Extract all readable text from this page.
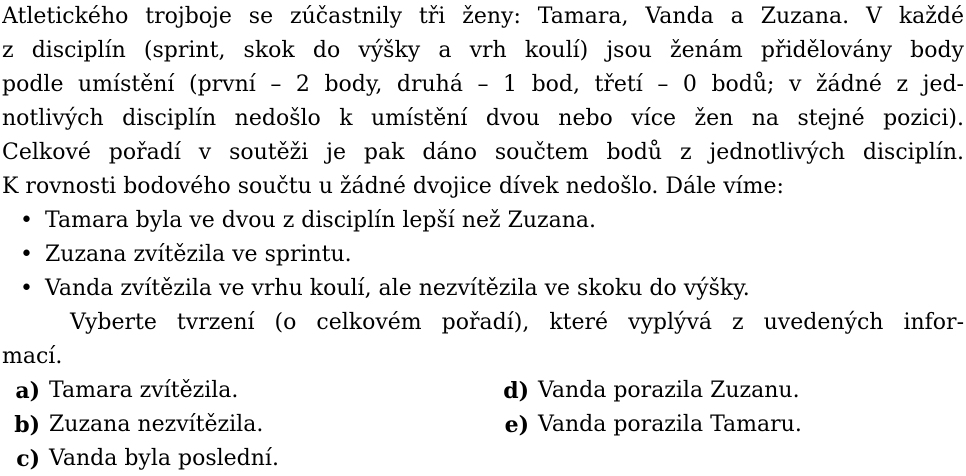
Atletického trojboje se zúčastnily tři ženy: Tamara, Vanda a Zuzana. V každé
z disciplín (sprint, skok do výšky a vrh koulí) jsou ženám přidělovány body
podle umístění (první – 2 body, druhá – 1 bod, třetí – 0 bodů; v žádné z jed-
notlivých disciplín nedošlo k umístění dvou nebo více žen na stejné pozici).
Celkové pořadí v soutěži je pak dáno součtem bodů z jednotlivých disciplín.
K rovnosti bodového součtu u žádné dvojice dívek nedošlo. Dále víme:
• Tamara byla ve dvou z disciplín lepší než Zuzana.
• Zuzana zvítězila ve sprintu.
• Vanda zvítězila ve vrhu koulí, ale nezvítězila ve skoku do výšky.
Vyberte tvrzení (o celkovém pořadí), které vyplývá z uvedených infor-
mací.
a) Tamara zvítězila.	d) Vanda porazila Zuzanu.
b) Zuzana nezvítězila.	e) Vanda porazila Tamaru.
c) Vanda byla poslední.
